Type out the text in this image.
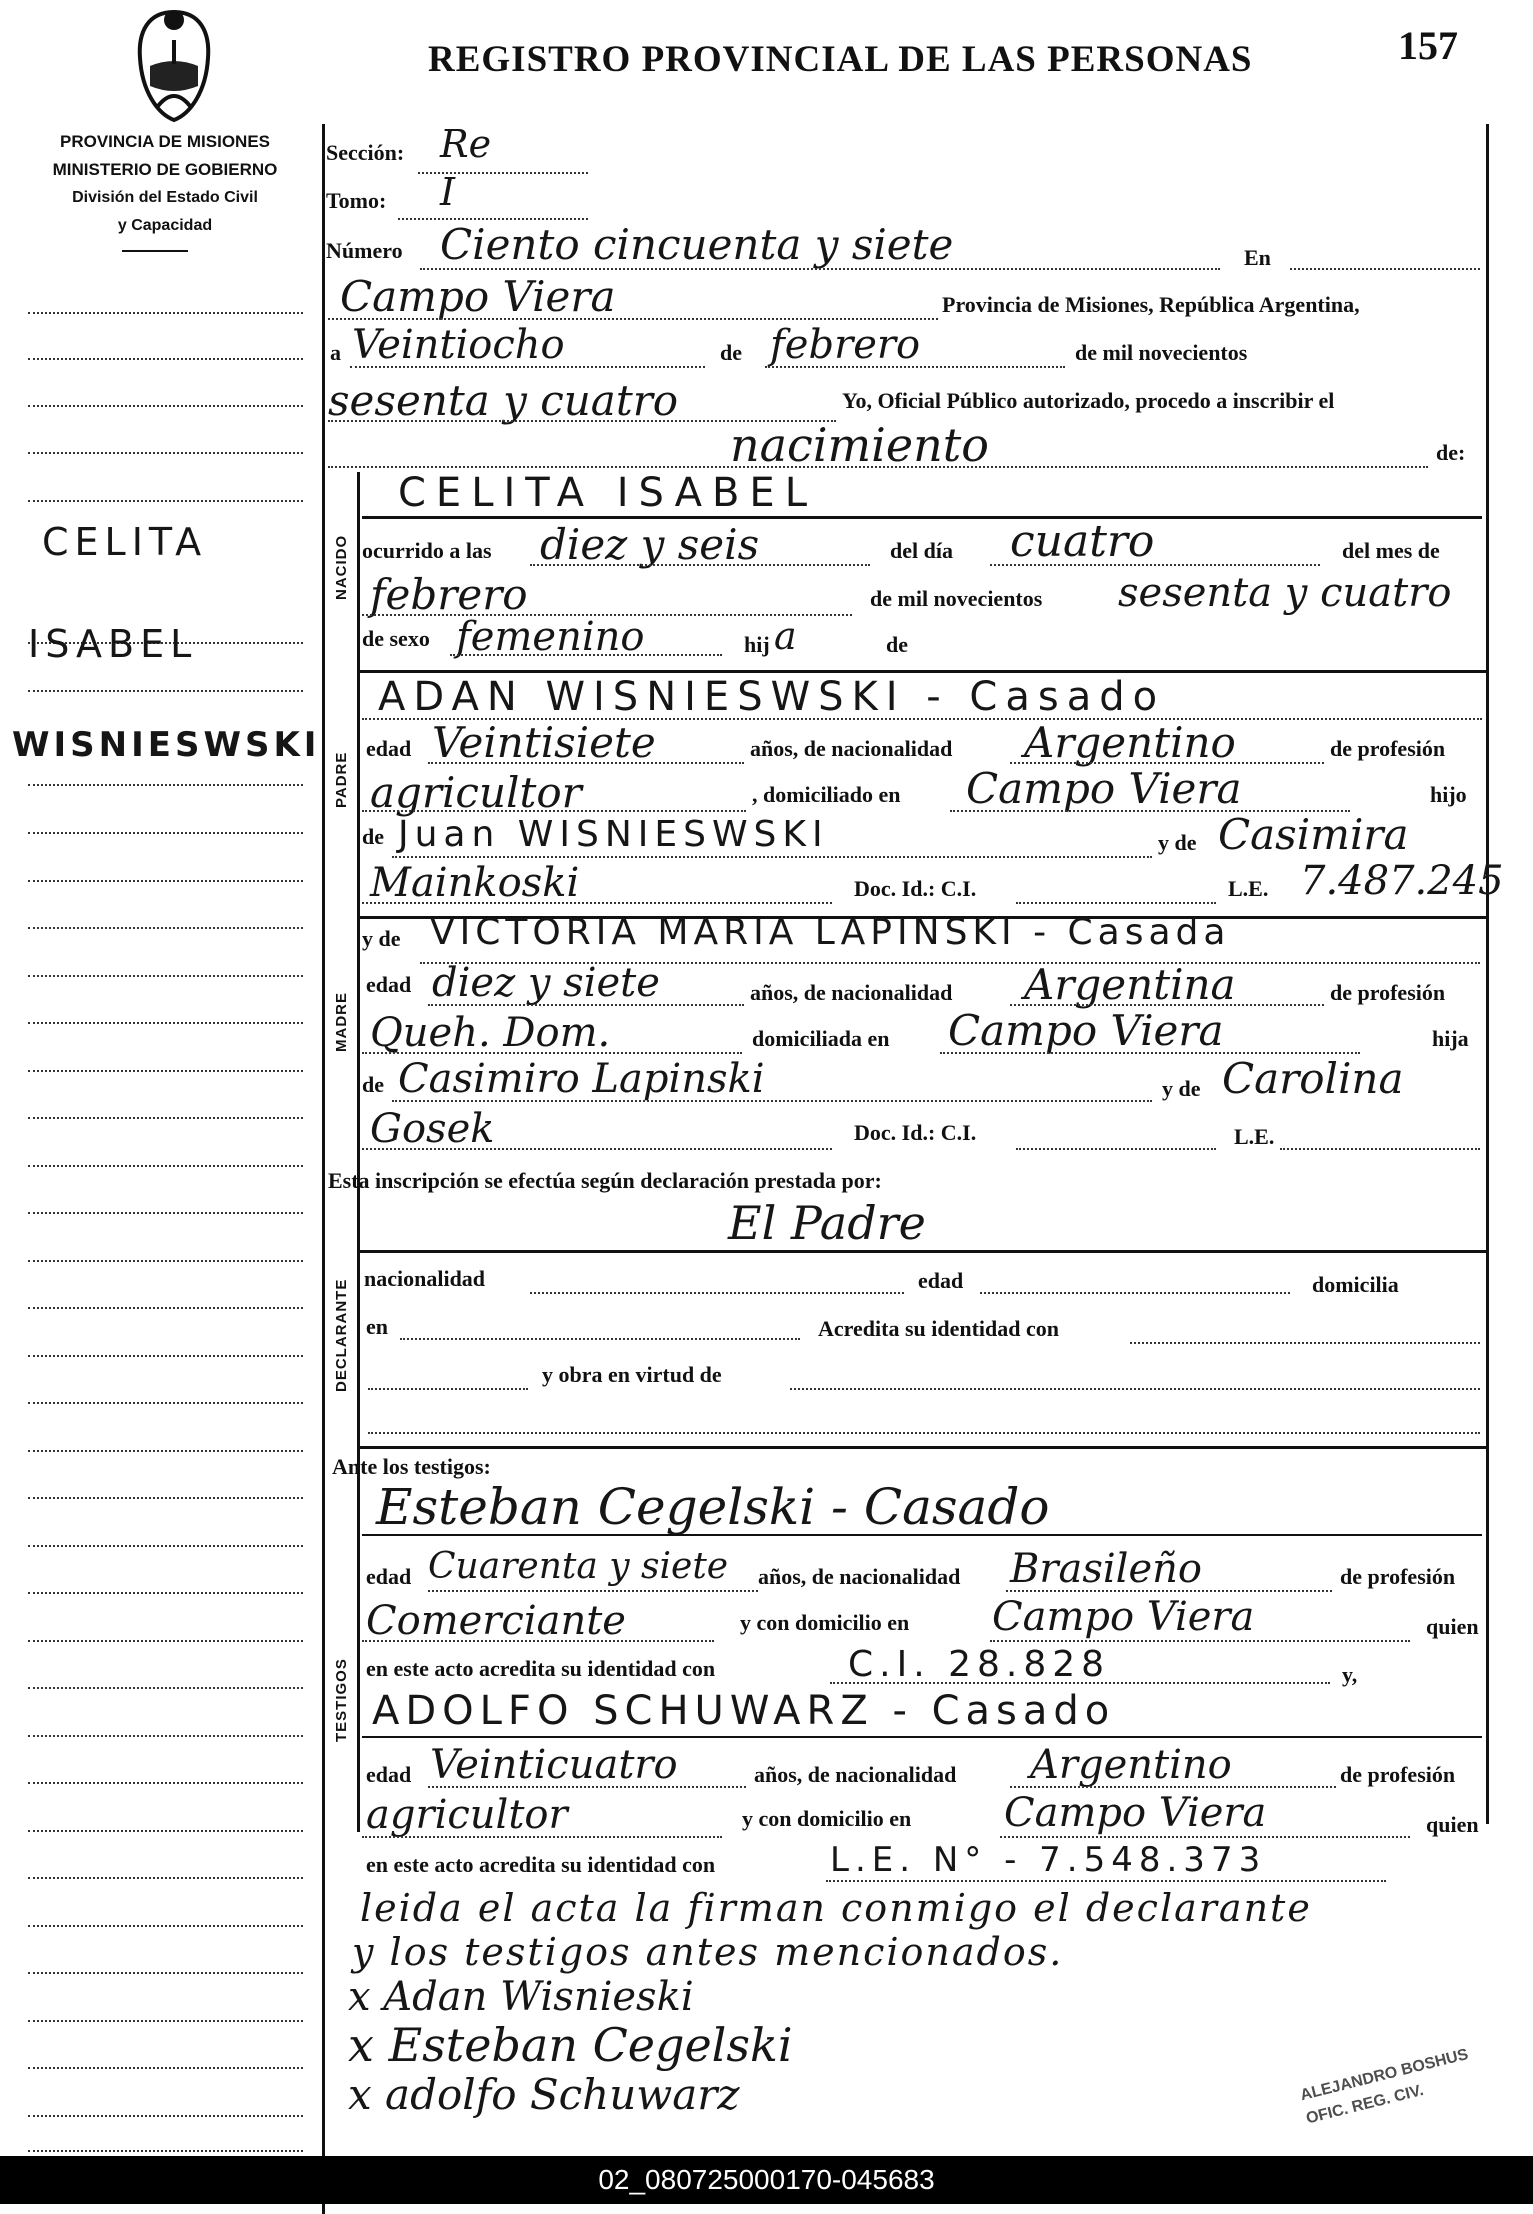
REGISTRO PROVINCIAL DE LAS PERSONAS	157
PROVINCIA DE MISIONES
MINISTERIO DE GOBIERNO
División del Estado Civil
y Capacidad
CELITA
ISABEL
WISNIESWSKI
Sección: Re
Tomo: I
Número Ciento cincuenta y siete	En
Campo Viera	Provincia de Misiones, República Argentina,
a Veintiocho	de febrero	de mil novecientos
sesenta y cuatro	Yo, Oficial Público autorizado, procedo a inscribir el
nacimiento	de:
NACIDO
CELITA ISABEL
ocurrido a las diez y seis	del día cuatro	del mes de
febrero	de mil novecientos sesenta y cuatro
de sexo femenino	hij a	de
PADRE
ADAN WISNIESWSKI - Casado
edad Veintisiete	años, de nacionalidad Argentino	de profesión
agricultor	, domiciliado en Campo Viera	hijo
de Juan WISNIESWSKI	y de Casimira
Mainkoski	Doc. Id.: C.I.	L.E. 7.487.245
MADRE
y de VICTORIA MARIA LAPINSKI - Casada
edad diez y siete	años, de nacionalidad Argentina	de profesión
Queh. Dom.	domiciliada en Campo Viera	hija
de Casimiro Lapinski	y de Carolina
Gosek	Doc. Id.: C.I.	L.E.
Esta inscripción se efectúa según declaración prestada por:
El Padre
DECLARANTE
nacionalidad	edad	domicilia
en	Acredita su identidad con
y obra en virtud de
Ante los testigos:
TESTIGOS
Esteban Cegelski - Casado
edad Cuarenta y siete años, de nacionalidad Brasileño	de profesión
Comerciante	y con domicilio en Campo Viera	quien
en este acto acredita su identidad con	C.I. 28.828	y,
ADOLFO SCHUWARZ - Casado
edad Veinticuatro	años, de nacionalidad Argentino	de profesión
agricultor	y con domicilio en Campo Viera	quien
en este acto acredita su identidad con	L.E. N° - 7.548.373
leida el acta la firman conmigo el declarante
y los testigos antes mencionados.
x Adan Wisnieski
x Esteban Cegelski
x adolfo Schuwarz	ALEJANDRO BOSHUS
OFIC. REG. CIV.

02_080725000170-045683
